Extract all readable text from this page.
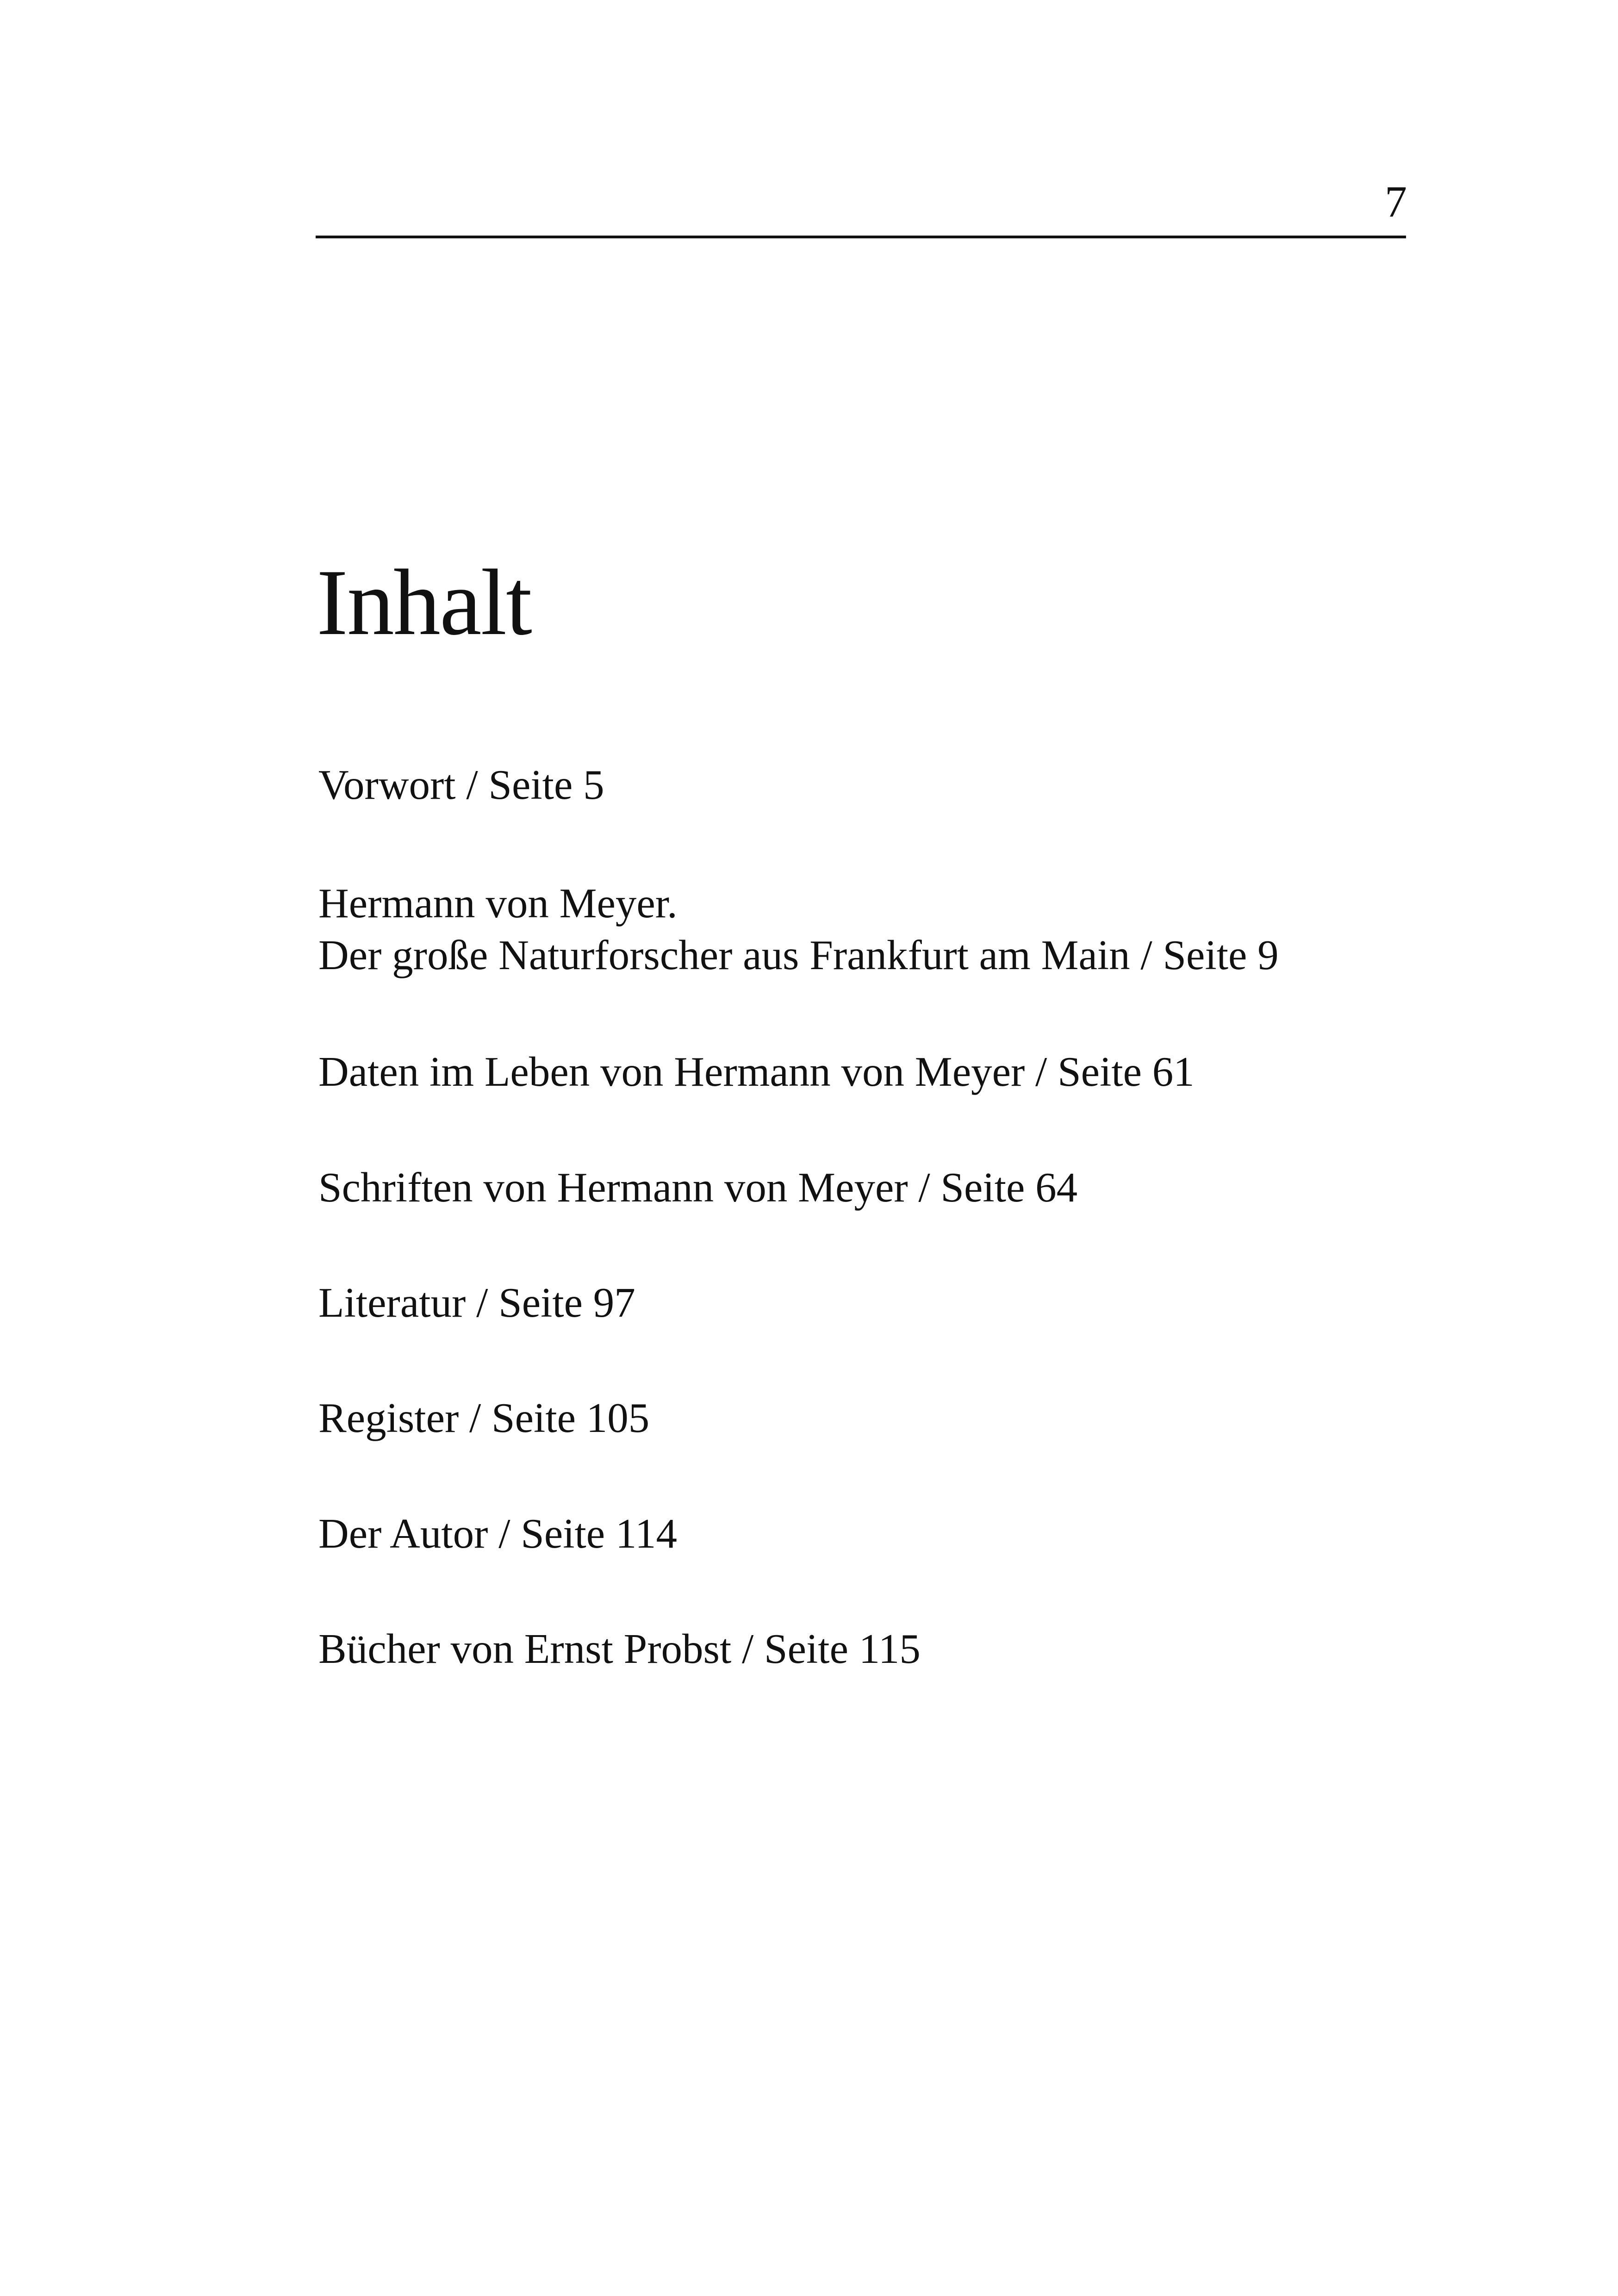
7
Inhalt
Vorwort / Seite 5
Hermann von Meyer.
Der große Naturforscher aus Frankfurt am Main / Seite 9
Daten im Leben von Hermann von Meyer / Seite 61
Schriften von Hermann von Meyer / Seite 64
Literatur / Seite 97
Register / Seite 105
Der Autor / Seite 114
Bücher von Ernst Probst / Seite 115
